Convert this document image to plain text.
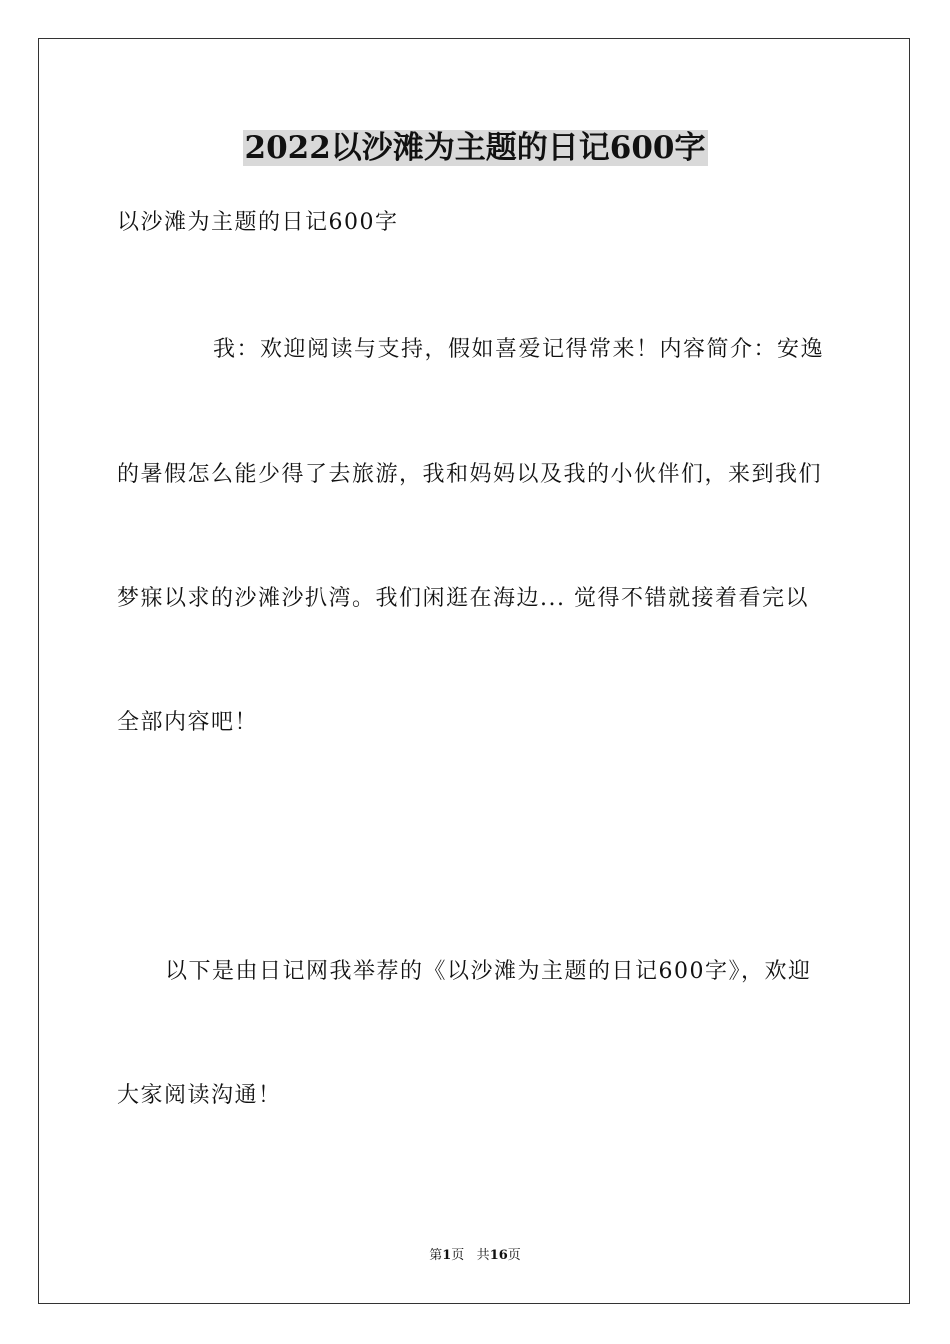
2022以沙滩为主题的日记600字
以沙滩为主题的日记600字
我：欢迎阅读与支持，假如喜爱记得常来！内容简介：安逸
的暑假怎么能少得了去旅游，我和妈妈以及我的小伙伴们，来到我们
梦寐以求的沙滩沙扒湾。我们闲逛在海边... 觉得不错就接着看完以
全部内容吧！
以下是由日记网我举荐的《以沙滩为主题的日记600字》，欢迎
大家阅读沟通！
第1页 共16页
